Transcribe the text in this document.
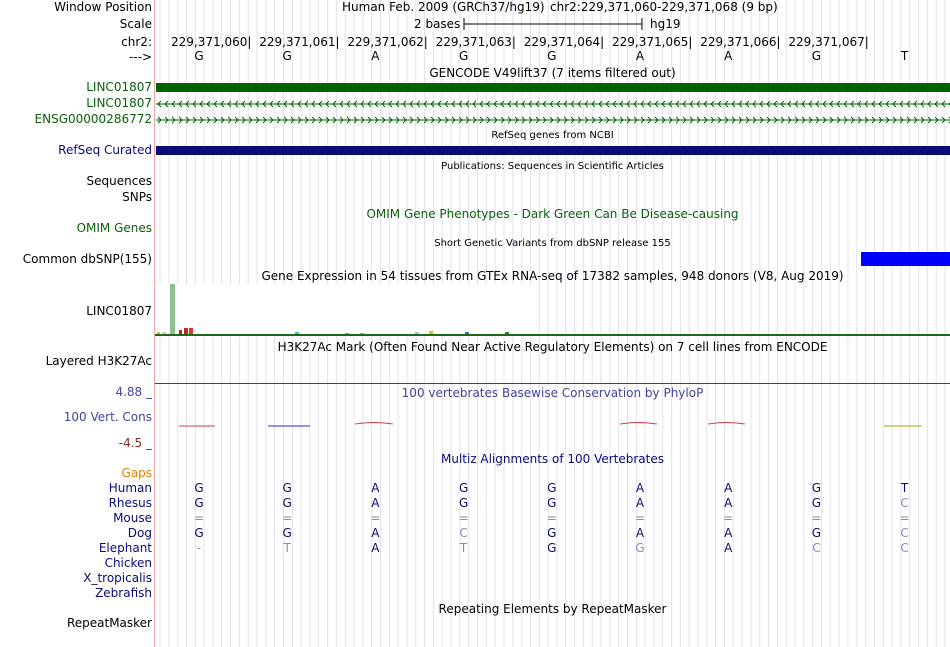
Window Position	Human Feb. 2009 (GRCh37/hg19) chr2:229,371,060-229,371,068 (9 bp)
Scale	2 bases	hg19
chr2: 229,371,060| 229,371,061| 229,371,062| 229,371,063| 229,371,064| 229,371,065| 229,371,066| 229,371,067|
--->	G	G	A	G	G	A	A	G	T
GENCODE V49lift37 (7 items filtered out)
LINC01807
LINC01807
ENSG00000286772
RefSeq genes from NCBI
RefSeq Curated
Publications: Sequences in Scientific Articles
Sequences
SNPs
OMIM Gene Phenotypes - Dark Green Can Be Disease-causing
OMIM Genes
Short Genetic Variants from dbSNP release 155
Common dbSNP(155)
Gene Expression in 54 tissues from GTEx RNA-seq of 17382 samples, 948 donors (V8, Aug 2019)
LINC01807
H3K27Ac Mark (Often Found Near Active Regulatory Elements) on 7 cell lines from ENCODE
Layered H3K27Ac
100 vertebrates Basewise Conservation by PhyloP
4.88 _
100 Vert. Cons
-4.5 _
Multiz Alignments of 100 Vertebrates
Gaps
Human	G	G	A	G	G	A	A	G	T
Rhesus	G	G	A	G	G	A	A	G	C
Mouse	=	=	=	=	=	=	=	=	=
Dog	G	G	A	C	G	A	A	G	C
Elephant	-	T	A	T	G	G	A	C	C
Chicken
X_tropicalis
Zebrafish
Repeating Elements by RepeatMasker
RepeatMasker
